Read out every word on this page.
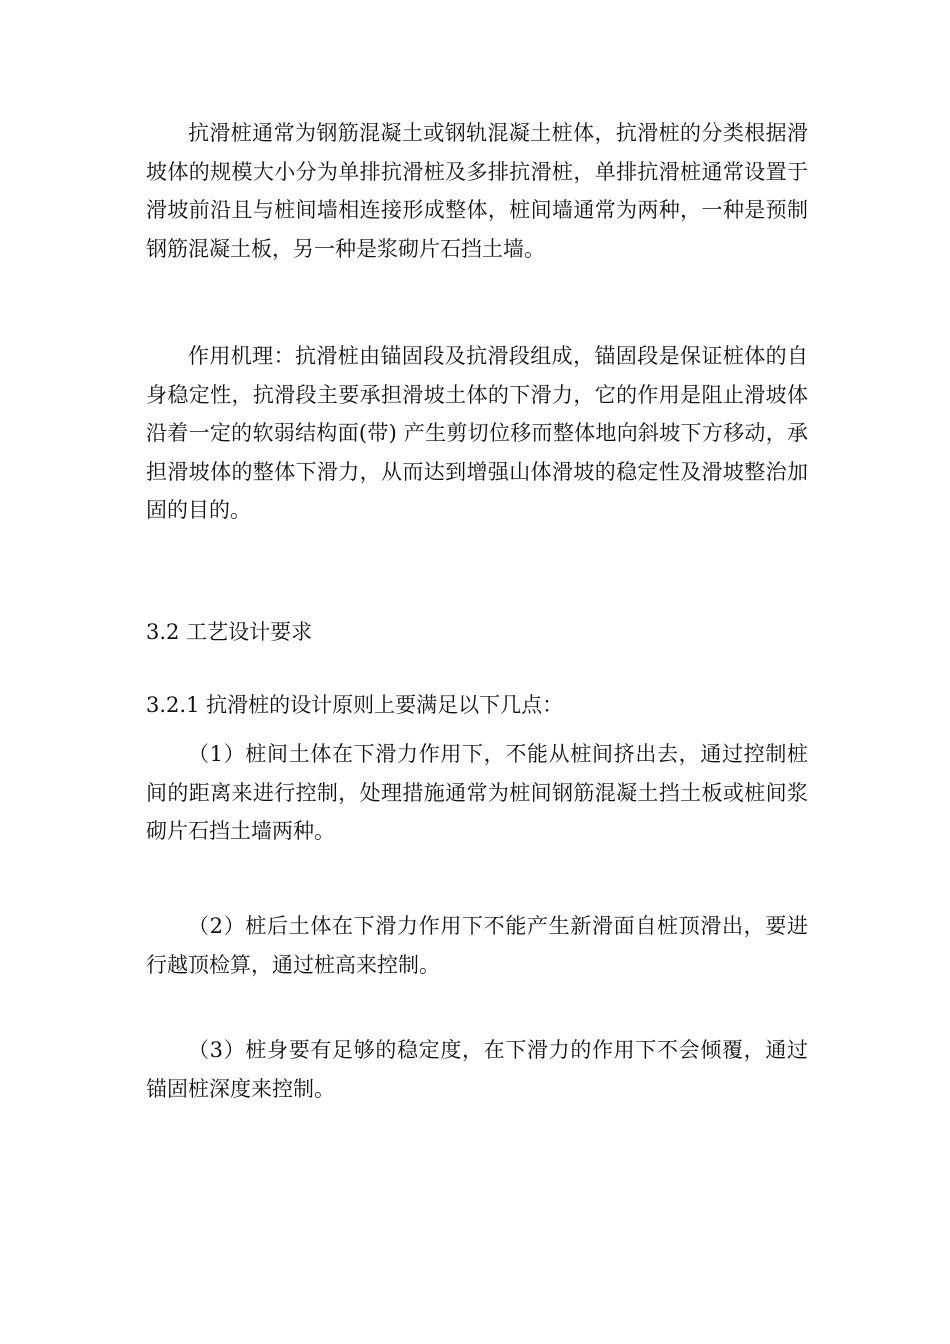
抗滑桩通常为钢筋混凝土或钢轨混凝土桩体，抗滑桩的分类根据滑坡体的规模大小分为单排抗滑桩及多排抗滑桩，单排抗滑桩通常设置于滑坡前沿且与桩间墙相连接形成整体，桩间墙通常为两种，一种是预制钢筋混凝土板，另一种是浆砌片石挡土墙。

作用机理：抗滑桩由锚固段及抗滑段组成，锚固段是保证桩体的自身稳定性，抗滑段主要承担滑坡土体的下滑力，它的作用是阻止滑坡体沿着一定的软弱结构面(带) 产生剪切位移而整体地向斜坡下方移动，承担滑坡体的整体下滑力，从而达到增强山体滑坡的稳定性及滑坡整治加固的目的。

3.2 工艺设计要求

3.2.1 抗滑桩的设计原则上要满足以下几点：

（1）桩间土体在下滑力作用下，不能从桩间挤出去，通过控制桩间的距离来进行控制，处理措施通常为桩间钢筋混凝土挡土板或桩间浆砌片石挡土墙两种。

（2）桩后土体在下滑力作用下不能产生新滑面自桩顶滑出，要进行越顶检算，通过桩高来控制。

（3）桩身要有足够的稳定度，在下滑力的作用下不会倾覆，通过锚固桩深度来控制。
